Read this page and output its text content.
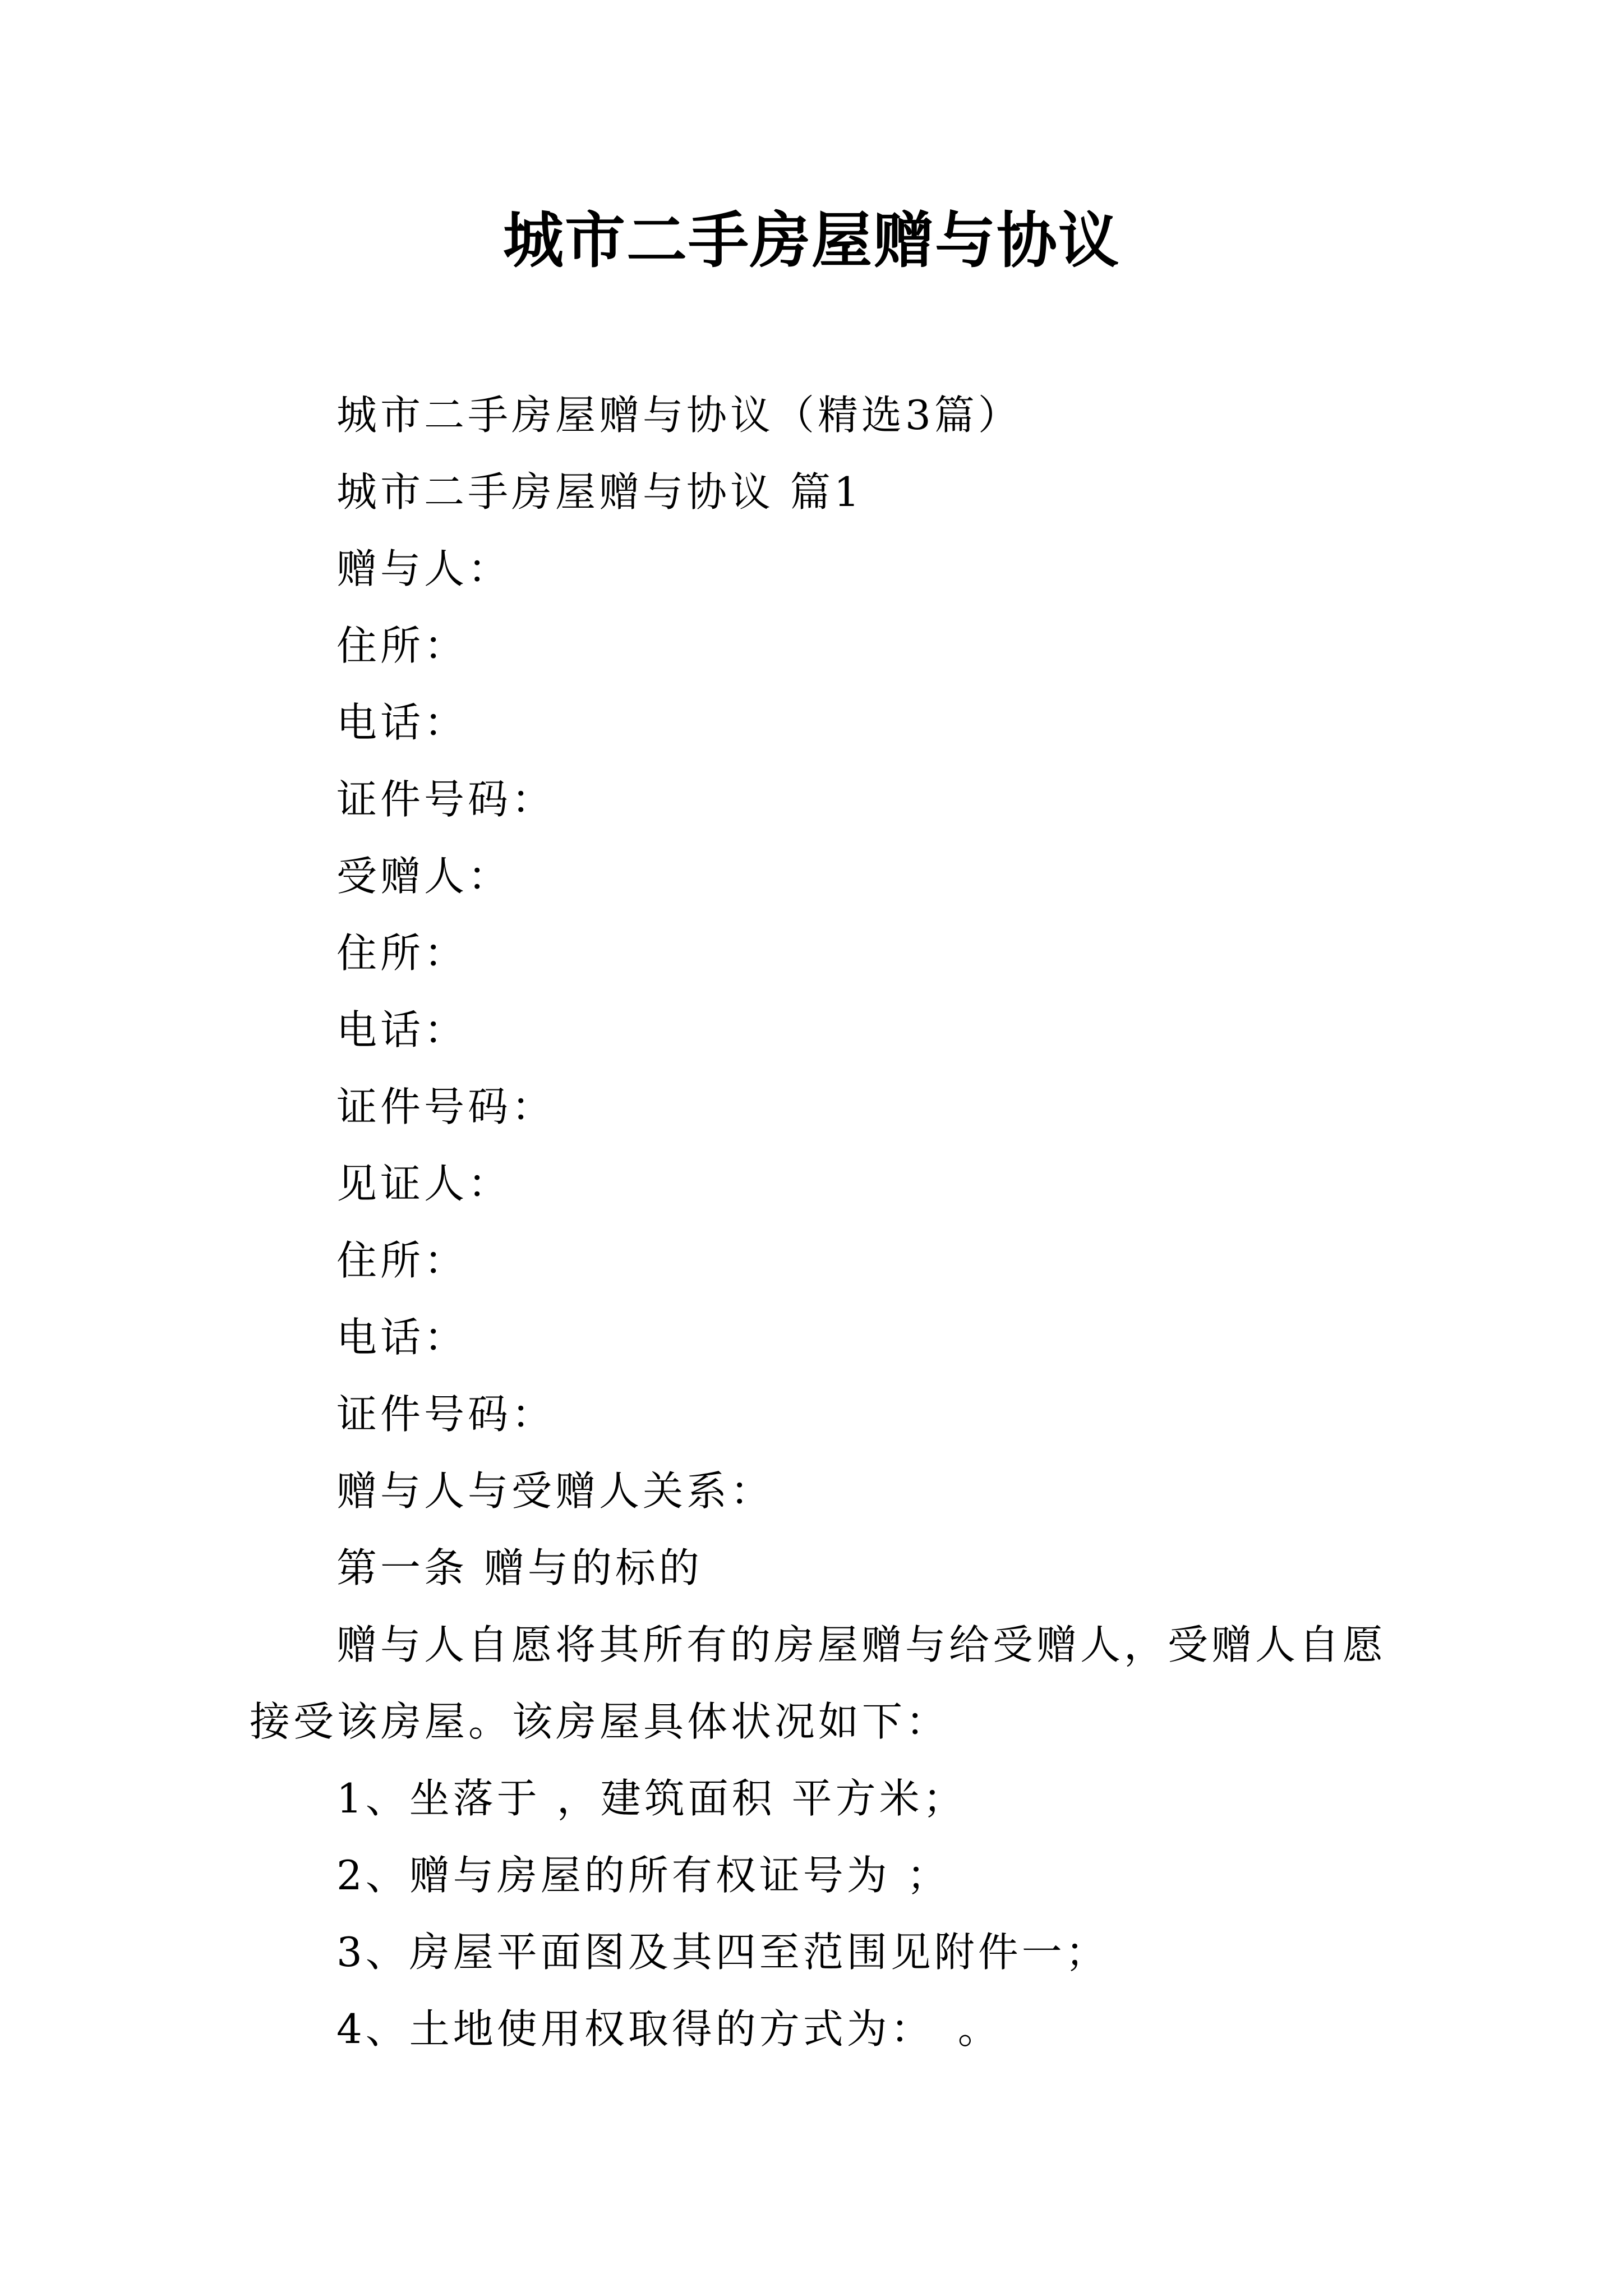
城市二手房屋赠与协议

城市二手房屋赠与协议（精选3篇）

城市二手房屋赠与协议 篇1

赠与人：

住所：

电话：

证件号码：

受赠人：

住所：

电话：

证件号码：

见证人：

住所：

电话：

证件号码：

赠与人与受赠人关系：

第一条 赠与的标的

赠与人自愿将其所有的房屋赠与给受赠人，受赠人自愿接受该房屋。该房屋具体状况如下：

1、坐落于 ，建筑面积 平方米；

2、赠与房屋的所有权证号为 ；

3、房屋平面图及其四至范围见附件一；

4、土地使用权取得的方式为：　。
